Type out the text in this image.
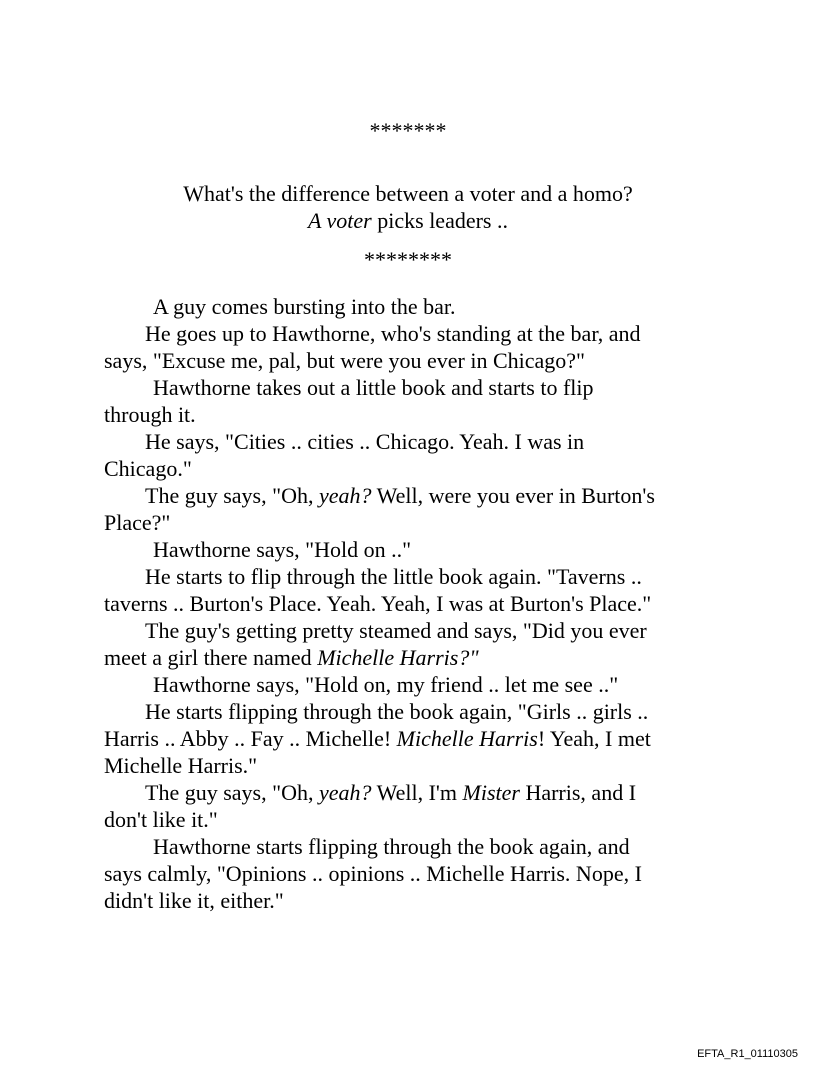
*******
What's the difference between a voter and a homo?
A voter picks leaders ..
********
A guy comes bursting into the bar.
He goes up to Hawthorne, who's standing at the bar, and
says, "Excuse me, pal, but were you ever in Chicago?"
Hawthorne takes out a little book and starts to flip
through it.
He says, "Cities .. cities .. Chicago. Yeah. I was in
Chicago."
The guy says, "Oh, yeah? Well, were you ever in Burton's
Place?"
Hawthorne says, "Hold on .."
He starts to flip through the little book again. "Taverns ..
taverns .. Burton's Place. Yeah. Yeah, I was at Burton's Place."
The guy's getting pretty steamed and says, "Did you ever
meet a girl there named Michelle Harris?"
Hawthorne says, "Hold on, my friend .. let me see .."
He starts flipping through the book again, "Girls .. girls ..
Harris .. Abby .. Fay .. Michelle! Michelle Harris! Yeah, I met
Michelle Harris."
The guy says, "Oh, yeah? Well, I'm Mister Harris, and I
don't like it."
Hawthorne starts flipping through the book again, and
says calmly, "Opinions .. opinions .. Michelle Harris. Nope, I
didn't like it, either."
EFTA_R1_01110305
